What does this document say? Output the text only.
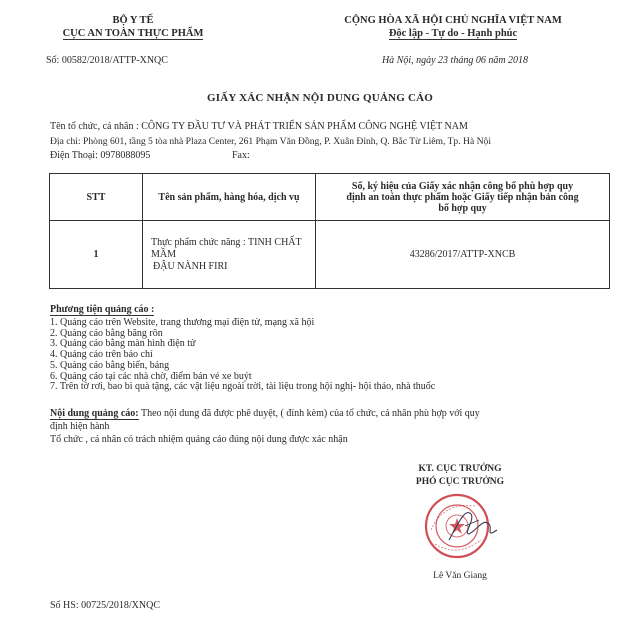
BỘ Y TẾ
CỤC AN TOÀN THỰC PHẨM
Số: 00582/2018/ATTP-XNQC
CỘNG HÒA XÃ HỘI CHỦ NGHĨA VIỆT NAM
Độc lập - Tự do - Hạnh phúc
Hà Nội, ngày 23 tháng 06 năm 2018
GIẤY XÁC NHẬN NỘI DUNG QUẢNG CÁO
Tên tổ chức, cá nhân : CÔNG TY ĐẦU TƯ VÀ PHÁT TRIỂN SẢN PHẨM CÔNG NGHỆ VIỆT NAM
Địa chỉ: Phòng 601, tầng 5 tòa nhà Plaza Center, 261 Phạm Văn Đồng, P. Xuân Đỉnh, Q. Bắc Từ Liêm, Tp. Hà Nội
Điện Thoại: 0978088095	Fax:
STT	Tên sản phẩm, hàng hóa, dịch vụ	Số, ký hiệu của Giấy xác nhận công bố phù hợp quy định an toàn thực phẩm hoặc Giấy tiếp nhận bản công bố hợp quy
1	Thực phẩm chức năng : TINH CHẤT MẦM
ĐẬU NÀNH FIRI	43286/2017/ATTP-XNCB
Phương tiện quảng cáo :
1. Quảng cáo trên Website, trang thương mại điện tử, mạng xã hội
2. Quảng cáo bằng băng rôn
3. Quảng cáo bằng màn hình điện tử
4. Quảng cáo trên báo chí
5. Quảng cáo bằng biển, bảng
6. Quảng cáo tại các nhà chờ, điểm bán vé xe buýt
7. Trên tờ rơi, bao bì quà tặng, các vật liệu ngoài trời, tài liệu trong hội nghị- hội thảo, nhà thuốc
Nội dung quảng cáo: Theo nội dung đã được phê duyệt, ( đính kèm) của tổ chức, cá nhân phù hợp với quy
định hiện hành
Tổ chức , cá nhân có trách nhiệm quảng cáo đúng nội dung được xác nhận
KT. CỤC TRƯỞNG
PHÓ CỤC TRƯỞNG
Lê Văn Giang
Số HS: 00725/2018/XNQC
